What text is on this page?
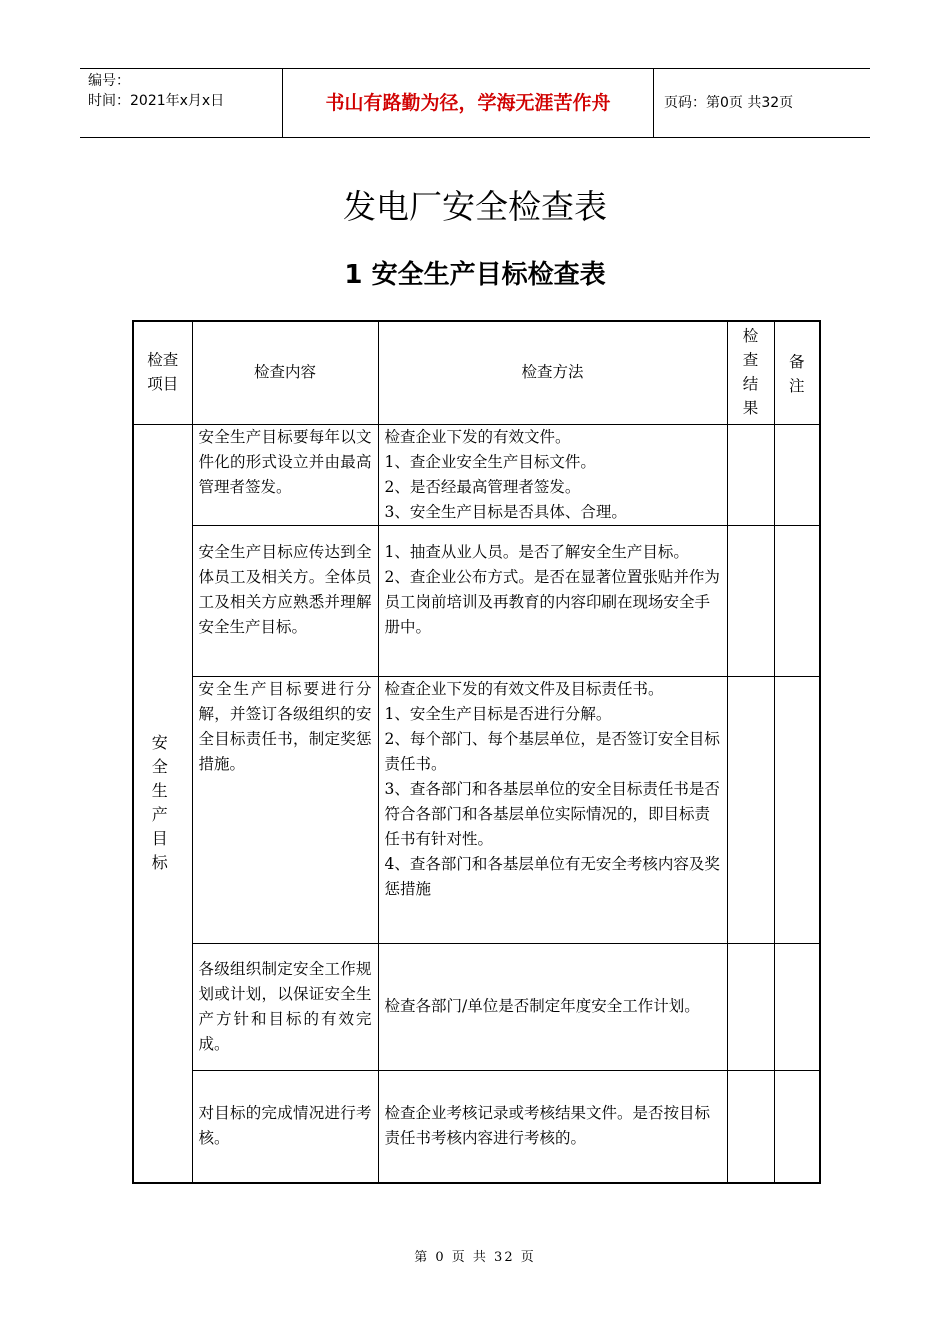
编号：
时间：2021年x月x日	书山有路勤为径，学海无涯苦作舟	页码：第0页 共32页
发电厂安全检查表
1 安全生产目标检查表
检查项目	检查内容	检查方法	检查结果	备注
安全生产目标	安全生产目标要每年以文件化的形式设立并由最高管理者签发。	检查企业下发的有效文件。
1、查企业安全生产目标文件。
2、是否经最高管理者签发。
3、安全生产目标是否具体、合理。		

	安全生产目标应传达到全体员工及相关方。全体员工及相关方应熟悉并理解安全生产目标。	1、抽查从业人员。是否了解安全生产目标。
2、查企业公布方式。是否在显著位置张贴并作为员工岗前培训及再教育的内容印刷在现场安全手册中。		

	安全生产目标要进行分解，并签订各级组织的安全目标责任书，制定奖惩措施。	检查企业下发的有效文件及目标责任书。
1、安全生产目标是否进行分解。
2、每个部门、每个基层单位，是否签订安全目标责任书。
3、查各部门和各基层单位的安全目标责任书是否符合各部门和各基层单位实际情况的，即目标责任书有针对性。
4、查各部门和各基层单位有无安全考核内容及奖惩措施		

	各级组织制定安全工作规划或计划，以保证安全生产方针和目标的有效完成。	检查各部门/单位是否制定年度安全工作计划。		

	对目标的完成情况进行考核。	检查企业考核记录或考核结果文件。是否按目标责任书考核内容进行考核的。		

第 0 页 共 32 页
